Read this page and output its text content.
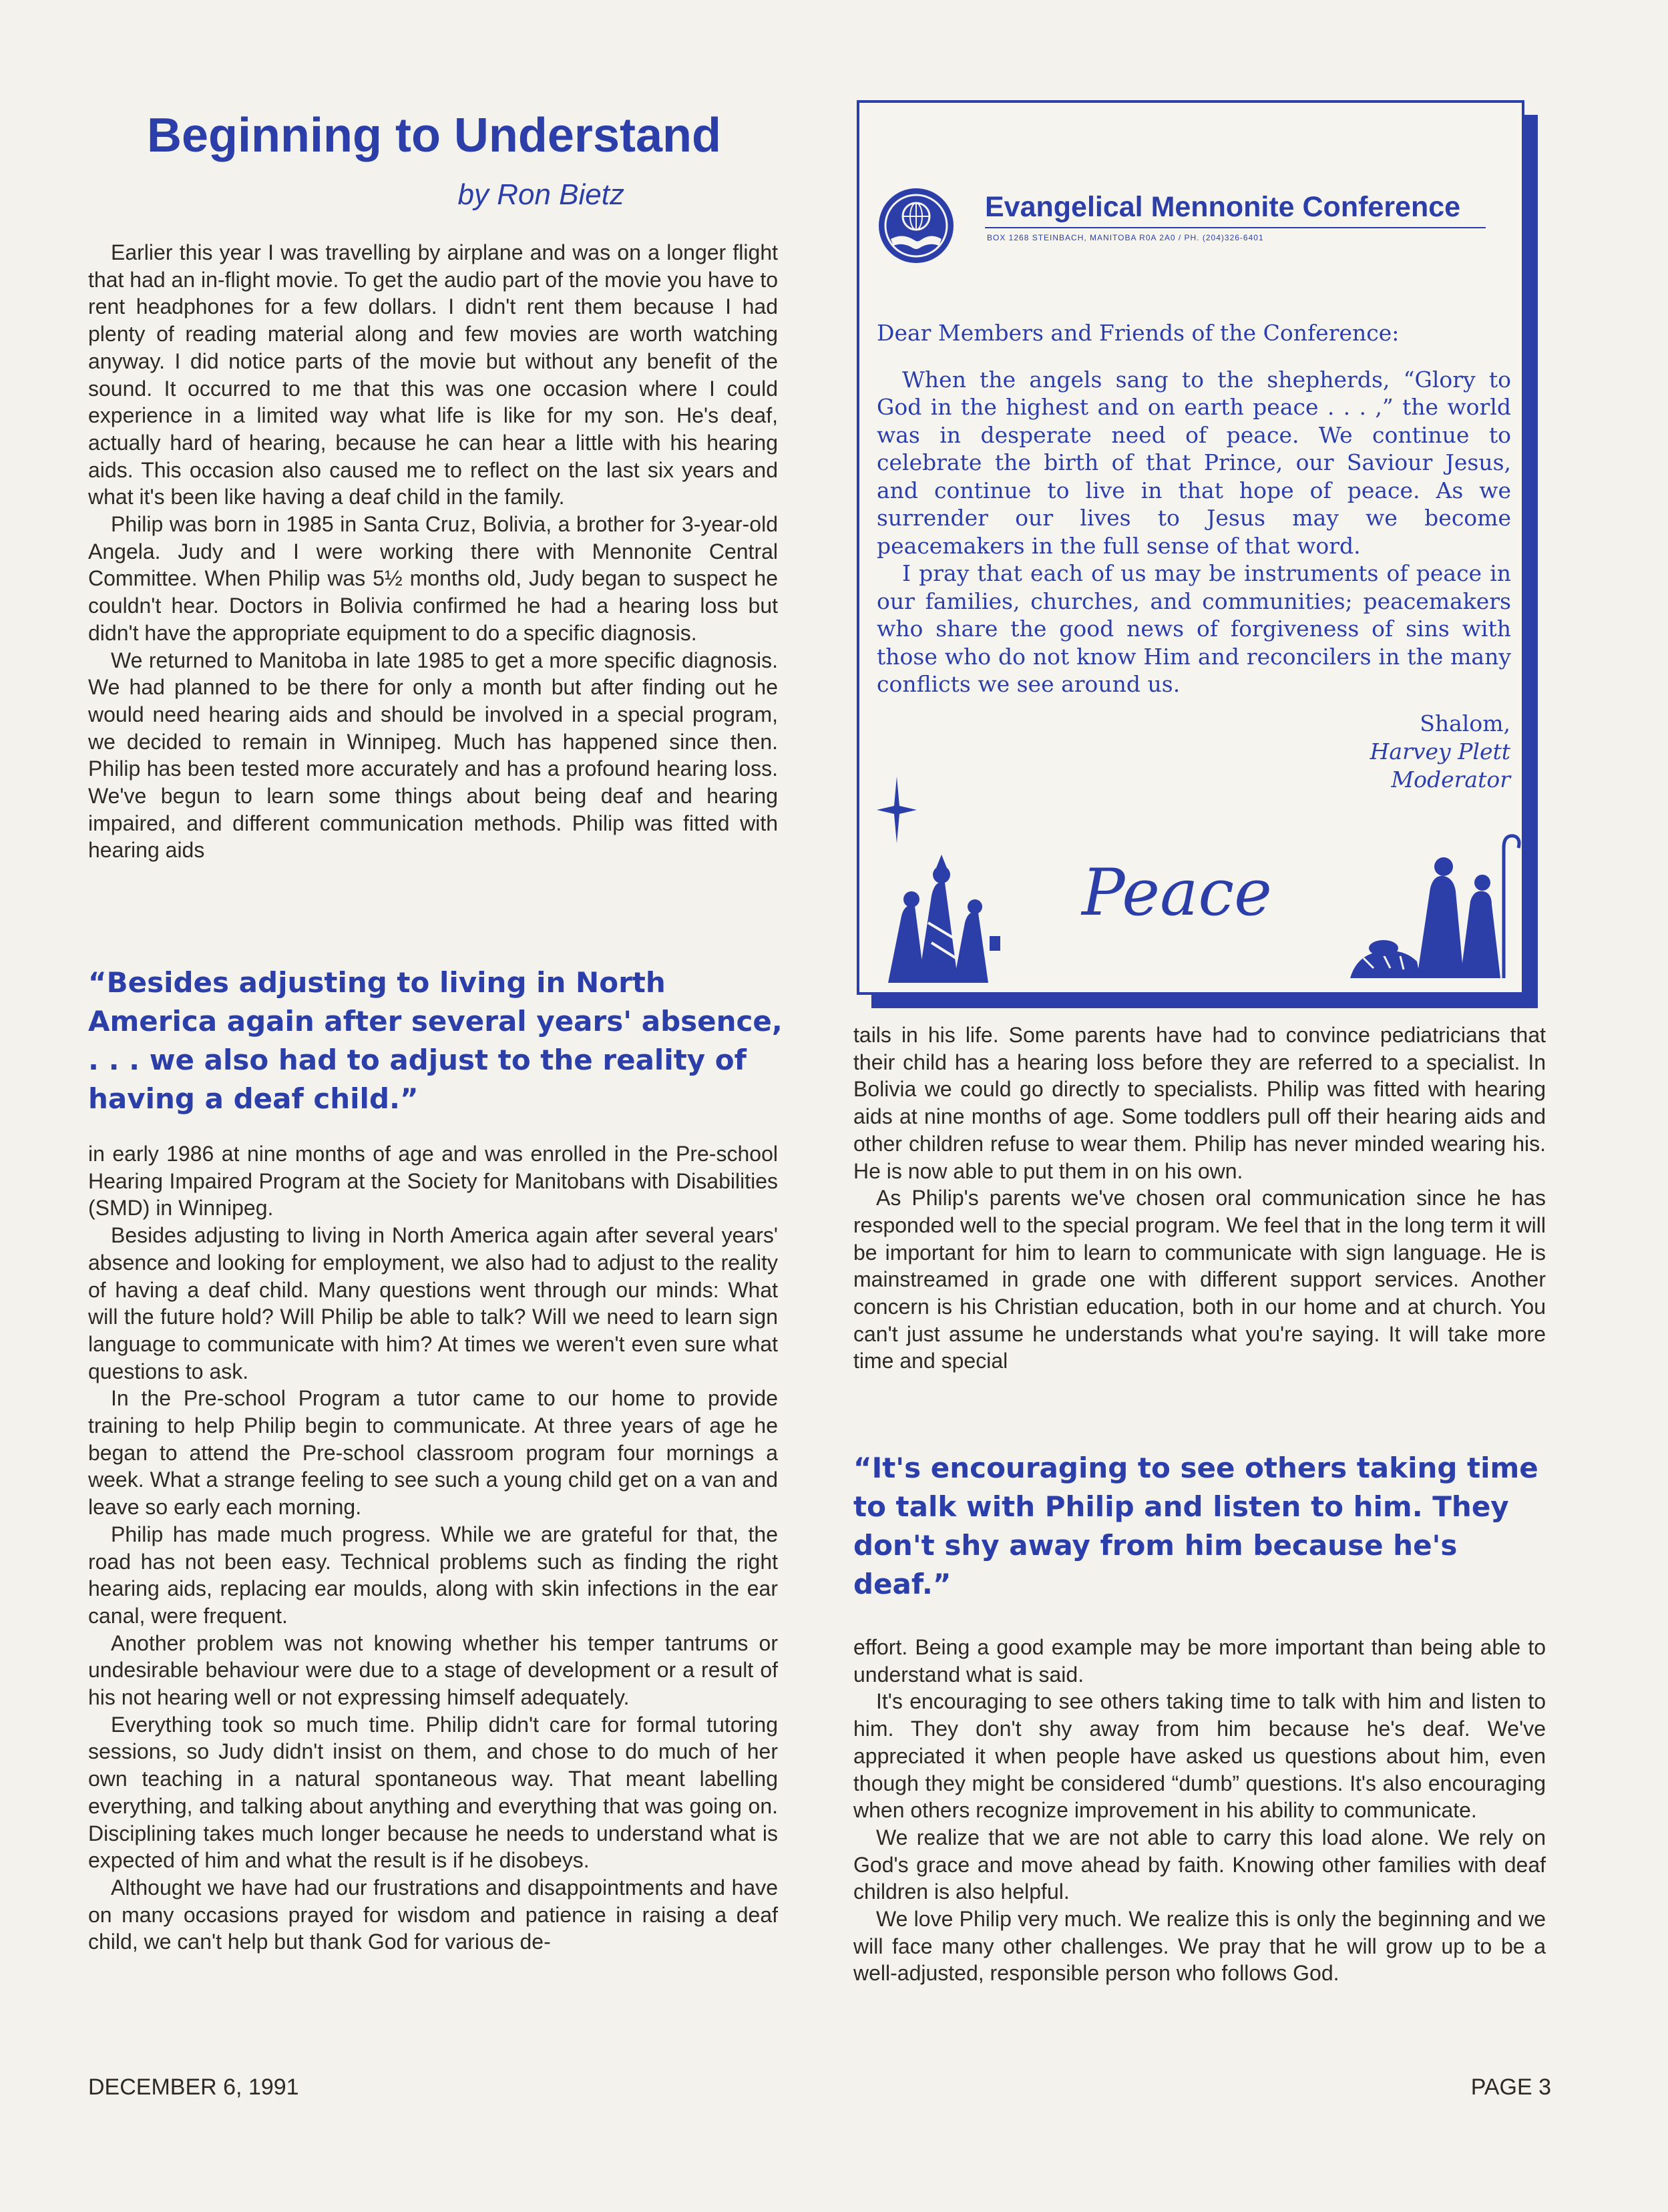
Beginning to Understand
by Ron Bietz

Earlier this year I was travelling by airplane and was on a longer flight that had an in-flight movie. To get the audio part of the movie you have to rent headphones for a few dollars. I didn't rent them because I had plenty of reading material along and few movies are worth watching anyway. I did notice parts of the movie but without any benefit of the sound. It occurred to me that this was one occasion where I could experience in a limited way what life is like for my son. He's deaf, actually hard of hearing, because he can hear a little with his hearing aids. This occasion also caused me to reflect on the last six years and what it's been like having a deaf child in the family.

Philip was born in 1985 in Santa Cruz, Bolivia, a brother for 3-year-old Angela. Judy and I were working there with Mennonite Central Committee. When Philip was 5½ months old, Judy began to suspect he couldn't hear. Doctors in Bolivia confirmed he had a hearing loss but didn't have the appropriate equipment to do a specific diagnosis.

We returned to Manitoba in late 1985 to get a more specific diagnosis. We had planned to be there for only a month but after finding out he would need hearing aids and should be involved in a special program, we decided to remain in Winnipeg. Much has happened since then. Philip has been tested more accurately and has a profound hearing loss. We've begun to learn some things about being deaf and hearing impaired, and different communication methods. Philip was fitted with hearing aids

“Besides adjusting to living in North America again after several years' absence, . . . we also had to adjust to the reality of having a deaf child.”

in early 1986 at nine months of age and was enrolled in the Pre-school Hearing Impaired Program at the Society for Manitobans with Disabilities (SMD) in Winnipeg.

Besides adjusting to living in North America again after several years' absence and looking for employment, we also had to adjust to the reality of having a deaf child. Many questions went through our minds: What will the future hold? Will Philip be able to talk? Will we need to learn sign language to communicate with him? At times we weren't even sure what questions to ask.

In the Pre-school Program a tutor came to our home to provide training to help Philip begin to communicate. At three years of age he began to attend the Pre-school classroom program four mornings a week. What a strange feeling to see such a young child get on a van and leave so early each morning.

Philip has made much progress. While we are grateful for that, the road has not been easy. Technical problems such as finding the right hearing aids, replacing ear moulds, along with skin infections in the ear canal, were frequent.

Another problem was not knowing whether his temper tantrums or undesirable behaviour were due to a stage of development or a result of his not hearing well or not expressing himself adequately.

Everything took so much time. Philip didn't care for formal tutoring sessions, so Judy didn't insist on them, and chose to do much of her own teaching in a natural spontaneous way. That meant labelling everything, and talking about anything and everything that was going on. Disciplining takes much longer because he needs to understand what is expected of him and what the result is if he disobeys.

Althought we have had our frustrations and disappointments and have on many occasions prayed for wisdom and patience in raising a deaf child, we can't help but thank God for various de-

Evangelical Mennonite Conference
BOX 1268 STEINBACH, MANITOBA R0A 2A0 / PH. (204)326-6401

Dear Members and Friends of the Conference:

When the angels sang to the shepherds, “Glory to God in the highest and on earth peace . . . ,” the world was in desperate need of peace. We continue to celebrate the birth of that Prince, our Saviour Jesus, and continue to live in that hope of peace. As we surrender our lives to Jesus may we become peacemakers in the full sense of that word.

I pray that each of us may be instruments of peace in our families, churches, and communities; peacemakers who share the good news of forgiveness of sins with those who do not know Him and reconcilers in the many conflicts we see around us.

Shalom,
Harvey Plett
Moderator
Peace

tails in his life. Some parents have had to convince pediatricians that their child has a hearing loss before they are referred to a specialist. In Bolivia we could go directly to specialists. Philip was fitted with hearing aids at nine months of age. Some toddlers pull off their hearing aids and other children refuse to wear them. Philip has never minded wearing his. He is now able to put them in on his own.

As Philip's parents we've chosen oral communication since he has responded well to the special program. We feel that in the long term it will be important for him to learn to communicate with sign language. He is mainstreamed in grade one with different support services. Another concern is his Christian education, both in our home and at church. You can't just assume he understands what you're saying. It will take more time and special

“It's encouraging to see others taking time to talk with Philip and listen to him. They don't shy away from him because he's deaf.”

effort. Being a good example may be more important than being able to understand what is said.

It's encouraging to see others taking time to talk with him and listen to him. They don't shy away from him because he's deaf. We've appreciated it when people have asked us questions about him, even though they might be considered “dumb” questions. It's also encouraging when others recognize improvement in his ability to communicate.

We realize that we are not able to carry this load alone. We rely on God's grace and move ahead by faith. Knowing other families with deaf children is also helpful.

We love Philip very much. We realize this is only the beginning and we will face many other challenges. We pray that he will grow up to be a well-adjusted, responsible person who follows God.

DECEMBER 6, 1991	PAGE 3
